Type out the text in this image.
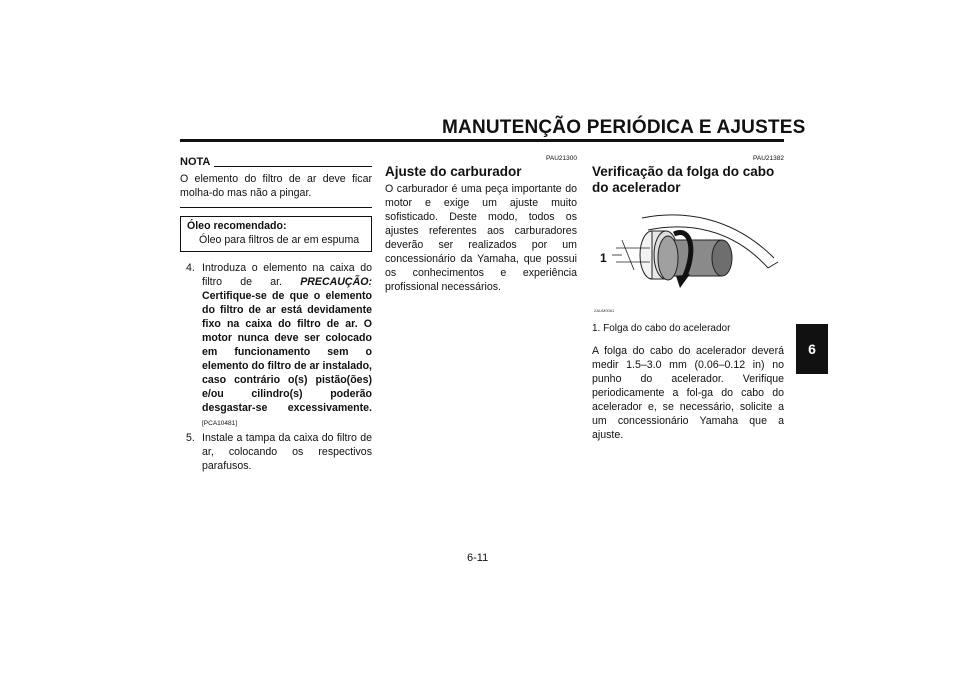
MANUTENÇÃO PERIÓDICA E AJUSTES
6
NOTA
O elemento do filtro de ar deve ficar molha-do mas não a pingar.
Óleo recomendado:
Óleo para filtros de ar em espuma
4. Introduza o elemento na caixa do filtro de ar. PRECAUÇÃO: Certifique-se de que o elemento do filtro de ar está devidamente fixo na caixa do filtro de ar. O motor nunca deve ser colocado em funcionamento sem o elemento do filtro de ar instalado, caso contrário o(s) pistão(ões) e/ou cilindro(s) poderão desgastar-se excessivamente. [PCA10481]
5. Instale a tampa da caixa do filtro de ar, colocando os respectivos parafusos.
PAU21300
Ajuste do carburador
O carburador é uma peça importante do motor e exige um ajuste muito sofisticado. Deste modo, todos os ajustes referentes aos carburadores deverão ser realizados por um concessionário da Yamaha, que possui os conhecimentos e experiência profissional necessários.
PAU21382
Verificação da folga do cabo do acelerador
1
ZAUM0081
1. Folga do cabo do acelerador
A folga do cabo do acelerador deverá medir 1.5–3.0 mm (0.06–0.12 in) no punho do acelerador. Verifique periodicamente a fol-ga do cabo do acelerador e, se necessário, solicite a um concessionário Yamaha que a ajuste.
6-11
